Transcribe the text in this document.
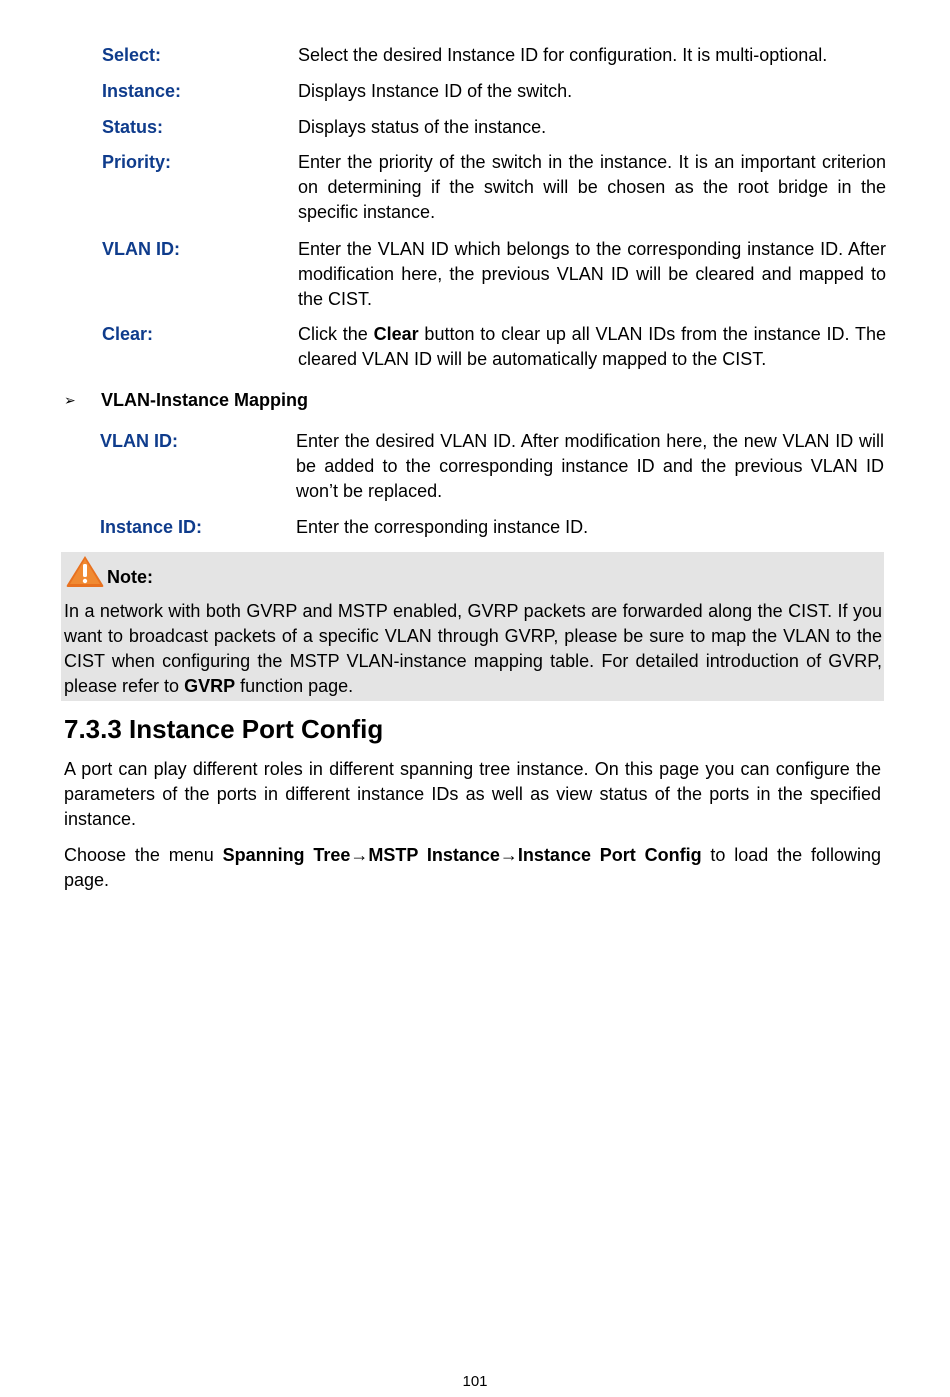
Select:	Select the desired Instance ID for configuration. It is multi-optional.
Instance:	Displays Instance ID of the switch.
Status:	Displays status of the instance.
Priority:	Enter the priority of the switch in the instance. It is an important criterion on determining if the switch will be chosen as the root bridge in the specific instance.
VLAN ID:	Enter the VLAN ID which belongs to the corresponding instance ID. After modification here, the previous VLAN ID will be cleared and mapped to the CIST.
Clear:	Click the Clear button to clear up all VLAN IDs from the instance ID. The cleared VLAN ID will be automatically mapped to the CIST.
➢	VLAN-Instance Mapping
VLAN ID:	Enter the desired VLAN ID. After modification here, the new VLAN ID will be added to the corresponding instance ID and the previous VLAN ID won’t be replaced.
Instance ID:	Enter the corresponding instance ID.
Note:
In a network with both GVRP and MSTP enabled, GVRP packets are forwarded along the CIST. If you want to broadcast packets of a specific VLAN through GVRP, please be sure to map the VLAN to the CIST when configuring the MSTP VLAN-instance mapping table. For detailed introduction of GVRP, please refer to GVRP function page.
7.3.3 Instance Port Config
A port can play different roles in different spanning tree instance. On this page you can configure the parameters of the ports in different instance IDs as well as view status of the ports in the specified instance.
Choose the menu Spanning Tree→MSTP Instance→Instance Port Config to load the following page.
101
